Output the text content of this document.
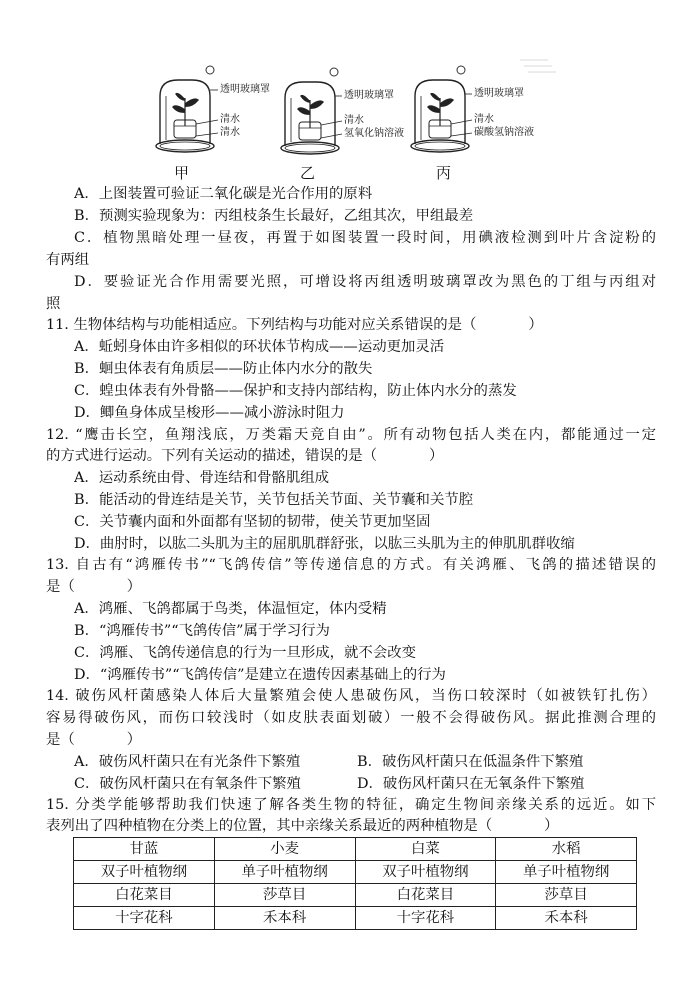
透明玻璃罩
清水
清水
甲
透明玻璃罩
清水
氢氧化钠溶液
乙
透明玻璃罩
清水
碳酸氢钠溶液
丙
A．上图装置可验证二氧化碳是光合作用的原料
B．预测实验现象为：丙组枝条生长最好，乙组其次，甲组最差
C．植物黑暗处理一昼夜，再置于如图装置一段时间，用碘液检测到叶片含淀粉的
有两组
D．要验证光合作用需要光照，可增设将丙组透明玻璃罩改为黑色的丁组与丙组对
照
11. 生物体结构与功能相适应。下列结构与功能对应关系错误的是（	）
A．蚯蚓身体由许多相似的环状体节构成——运动更加灵活
B．蛔虫体表有角质层——防止体内水分的散失
C．蝗虫体表有外骨骼——保护和支持内部结构，防止体内水分的蒸发
D．鲫鱼身体成呈梭形——减小游泳时阻力
12. “鹰击长空，鱼翔浅底，万类霜天竞自由”。所有动物包括人类在内，都能通过一定
的方式进行运动。下列有关运动的描述，错误的是（	）
A．运动系统由骨、骨连结和骨骼肌组成
B．能活动的骨连结是关节，关节包括关节面、关节囊和关节腔
C．关节囊内面和外面都有坚韧的韧带，使关节更加坚固
D．曲肘时，以肱二头肌为主的屈肌肌群舒张，以肱三头肌为主的伸肌肌群收缩
13. 自古有“鸿雁传书”“飞鸽传信”等传递信息的方式。有关鸿雁、飞鸽的描述错误的
是（	）
A．鸿雁、飞鸽都属于鸟类，体温恒定，体内受精
B．“鸿雁传书”“飞鸽传信”属于学习行为
C．鸿雁、飞鸽传递信息的行为一旦形成，就不会改变
D．“鸿雁传书”“飞鸽传信”是建立在遗传因素基础上的行为
14. 破伤风杆菌感染人体后大量繁殖会使人患破伤风，当伤口较深时（如被铁钉扎伤）
容易得破伤风，而伤口较浅时（如皮肤表面划破）一般不会得破伤风。据此推测合理的
是（	）
A．破伤风杆菌只在有光条件下繁殖	B．破伤风杆菌只在低温条件下繁殖
C．破伤风杆菌只在有氧条件下繁殖	D．破伤风杆菌只在无氧条件下繁殖
15. 分类学能够帮助我们快速了解各类生物的特征，确定生物间亲缘关系的远近。如下
表列出了四种植物在分类上的位置，其中亲缘关系最近的两种植物是（	）
甘蓝	小麦	白菜	水稻
双子叶植物纲	单子叶植物纲	双子叶植物纲	单子叶植物纲
白花菜目	莎草目	白花菜目	莎草目
十字花科	禾本科	十字花科	禾本科
